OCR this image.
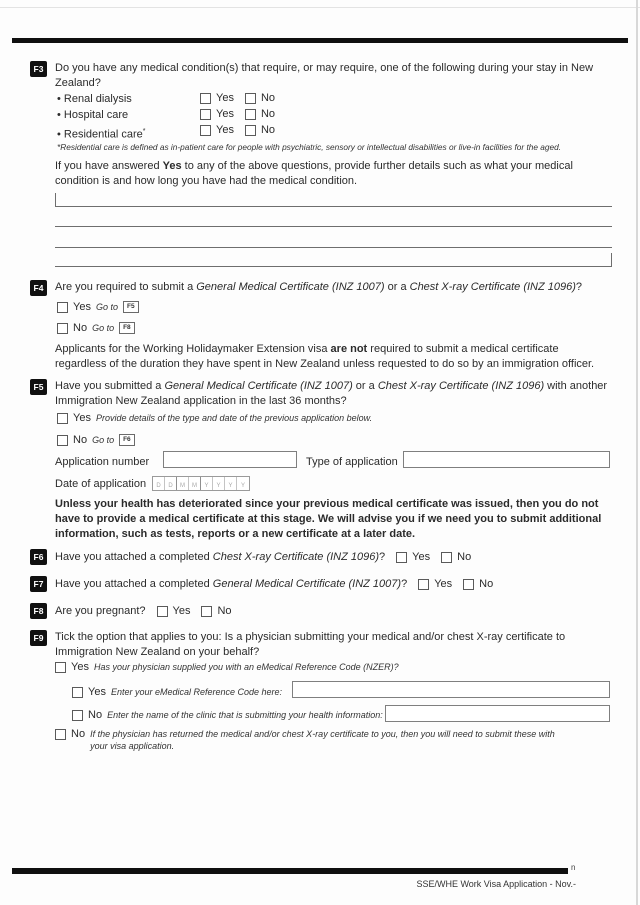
F3	Do you have any medical condition(s) that require, or may require, one of the following during your stay in New Zealand?
• Renal dialysis	Yes No
• Hospital care	Yes No
• Residential care*	Yes No
*Residential care is defined as in-patient care for people with psychiatric, sensory or intellectual disabilities or live-in facilities for the aged.
If you have answered Yes to any of the above questions, provide further details such as what your medical condition is and how long you have had the medical condition.
F4	Are you required to submit a General Medical Certificate (INZ 1007) or a Chest X-ray Certificate (INZ 1096)?
Yes Go to	F5
No Go to	F8
Applicants for the Working Holidaymaker Extension visa are not required to submit a medical certificate regardless of the duration they have spent in New Zealand unless requested to do so by an immigration officer.
F5	Have you submitted a General Medical Certificate (INZ 1007) or a Chest X-ray Certificate (INZ 1096) with another Immigration New Zealand application in the last 36 months?
Yes Provide details of the type and date of the previous application below.
No Go to	F6
Application number	Type of application
Date of application	D	D	M	M	Y	Y	Y	Y
Unless your health has deteriorated since your previous medical certificate was issued, then you do not have to provide a medical certificate at this stage. We will advise you if we need you to submit additional information, such as tests, reports or a new certificate at a later date.
F6	Have you attached a completed Chest X-ray Certificate (INZ 1096)? Yes No
F7	Have you attached a completed General Medical Certificate (INZ 1007)? Yes No
F8	Are you pregnant? Yes No
F9	Tick the option that applies to you: Is a physician submitting your medical and/or chest X-ray certificate to Immigration New Zealand on your behalf?
Yes Has your physician supplied you with an eMedical Reference Code (NZER)?
Yes Enter your eMedical Reference Code here:
No Enter the name of the clinic that is submitting your health information:
No If the physician has returned the medical and/or chest X-ray certificate to you, then you will need to submit these with your visa application.
n
SSE/WHE Work Visa Application - Nov.-
